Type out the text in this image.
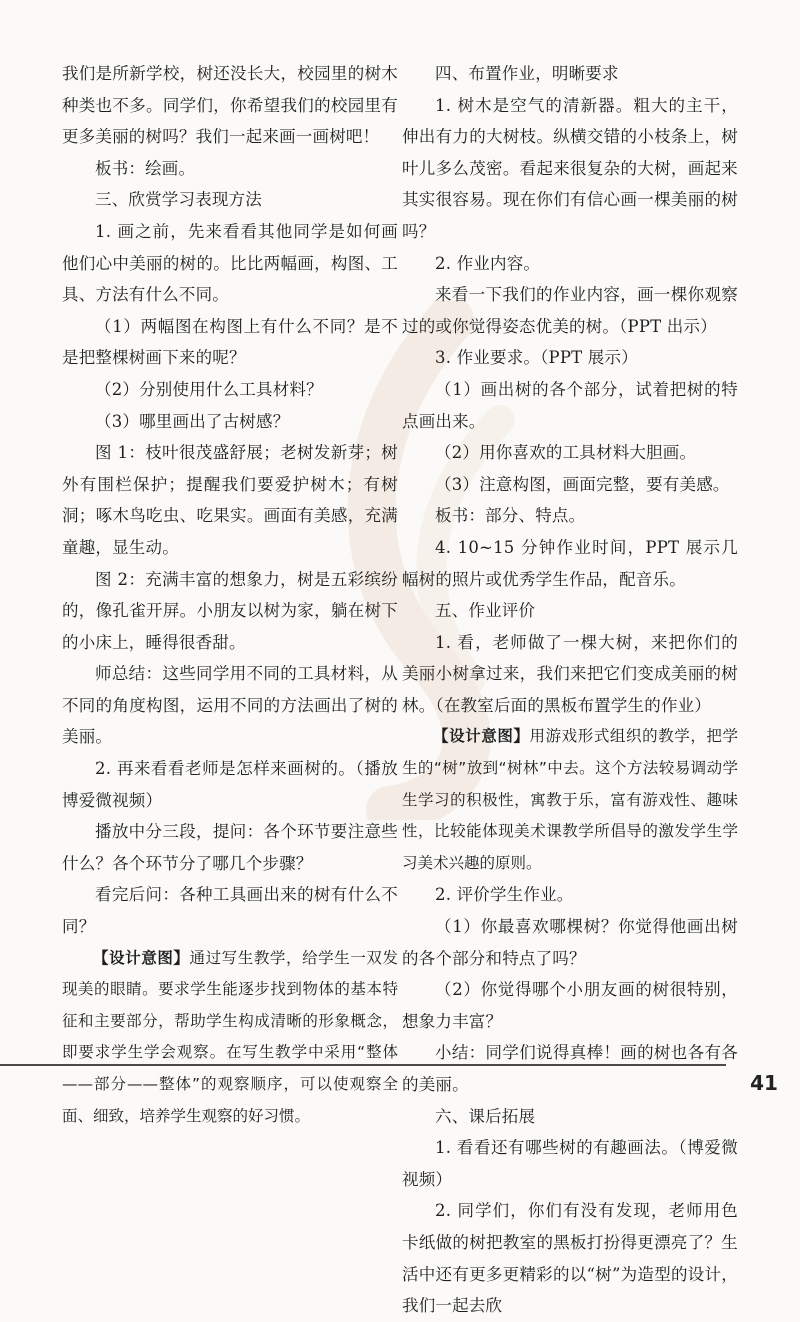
我们是所新学校，树还没长大，校园里的树木种类也不多。同学们，你希望我们的校园里有更多美丽的树吗？我们一起来画一画树吧！

板书：绘画。

三、欣赏学习表现方法

1. 画之前，先来看看其他同学是如何画他们心中美丽的树的。比比两幅画，构图、工具、方法有什么不同。

（1）两幅图在构图上有什么不同？是不是把整棵树画下来的呢？

（2）分别使用什么工具材料？

（3）哪里画出了古树感？

图 1：枝叶很茂盛舒展；老树发新芽；树外有围栏保护；提醒我们要爱护树木；有树洞；啄木鸟吃虫、吃果实。画面有美感，充满童趣，显生动。

图 2：充满丰富的想象力，树是五彩缤纷的，像孔雀开屏。小朋友以树为家，躺在树下的小床上，睡得很香甜。

师总结：这些同学用不同的工具材料，从不同的角度构图，运用不同的方法画出了树的美丽。

2. 再来看看老师是怎样来画树的。（播放博爱微视频）

播放中分三段，提问：各个环节要注意些什么？各个环节分了哪几个步骤？

看完后问：各种工具画出来的树有什么不同？

【设计意图】通过写生教学，给学生一双发现美的眼睛。要求学生能逐步找到物体的基本特征和主要部分，帮助学生构成清晰的形象概念，即要求学生学会观察。在写生教学中采用“整体——部分——整体”的观察顺序，可以使观察全面、细致，培养学生观察的好习惯。

四、布置作业，明晰要求

1. 树木是空气的清新器。粗大的主干，伸出有力的大树枝。纵横交错的小枝条上，树叶儿多么茂密。看起来很复杂的大树，画起来其实很容易。现在你们有信心画一棵美丽的树吗？

2. 作业内容。

来看一下我们的作业内容，画一棵你观察过的或你觉得姿态优美的树。（PPT 出示）

3. 作业要求。（PPT 展示）

（1）画出树的各个部分，试着把树的特点画出来。

（2）用你喜欢的工具材料大胆画。

（3）注意构图，画面完整，要有美感。

板书：部分、特点。

4. 10~15 分钟作业时间，PPT 展示几幅树的照片或优秀学生作品，配音乐。

五、作业评价

1. 看，老师做了一棵大树，来把你们的美丽小树拿过来，我们来把它们变成美丽的树林。（在教室后面的黑板布置学生的作业）

【设计意图】用游戏形式组织的教学，把学生的“树”放到“树林”中去。这个方法较易调动学生学习的积极性，寓教于乐，富有游戏性、趣味性，比较能体现美术课教学所倡导的激发学生学习美术兴趣的原则。

2. 评价学生作业。

（1）你最喜欢哪棵树？你觉得他画出树的各个部分和特点了吗？

（2）你觉得哪个小朋友画的树很特别，想象力丰富？

小结：同学们说得真棒！画的树也各有各的美丽。

六、课后拓展

1. 看看还有哪些树的有趣画法。（博爱微视频）

2. 同学们，你们有没有发现，老师用色卡纸做的树把教室的黑板打扮得更漂亮了？生活中还有更多更精彩的以“树”为造型的设计，我们一起去欣

41
